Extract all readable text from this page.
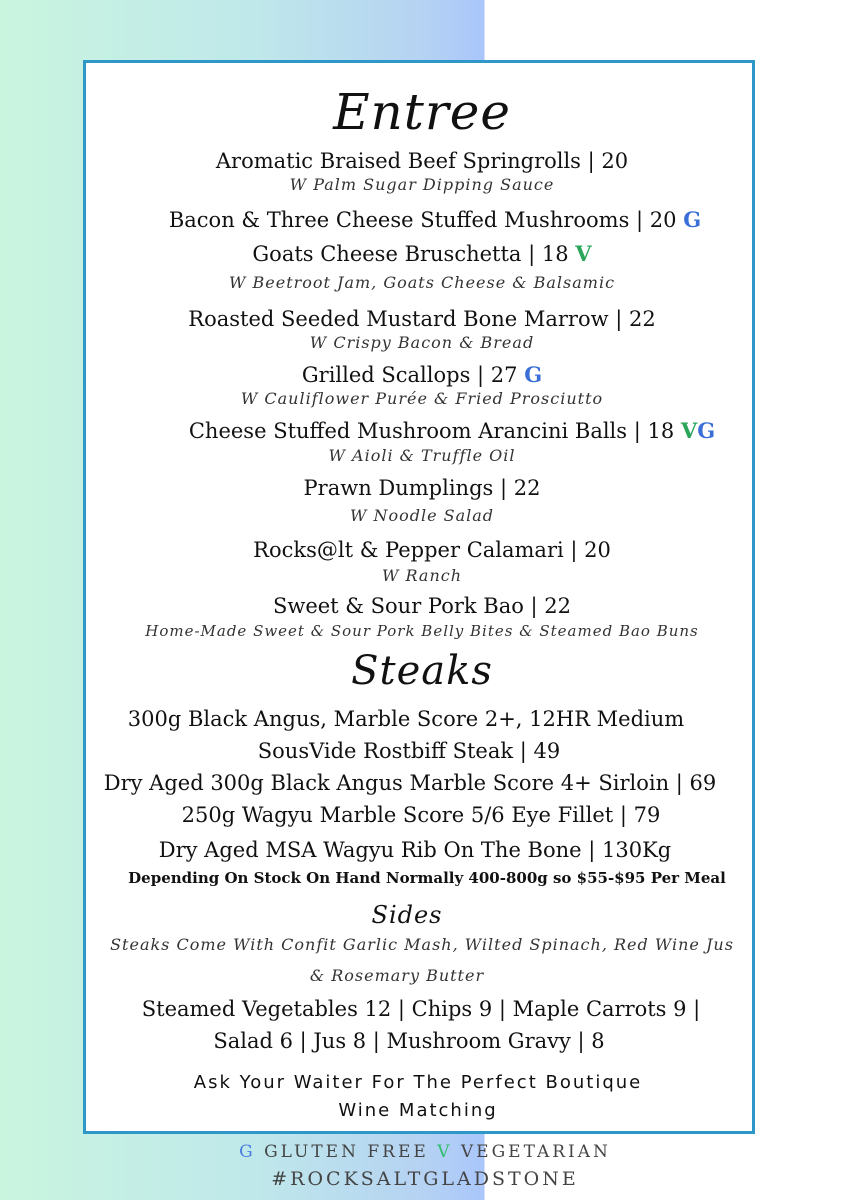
Entree
Aromatic Braised Beef Springrolls | 20
W Palm Sugar Dipping Sauce
Bacon & Three Cheese Stuffed Mushrooms | 20 G
Goats Cheese Bruschetta | 18 V
W Beetroot Jam, Goats Cheese & Balsamic
Roasted Seeded Mustard Bone Marrow | 22
W Crispy Bacon & Bread
Grilled Scallops | 27 G
W Cauliflower Purée & Fried Prosciutto
Cheese Stuffed Mushroom Arancini Balls | 18 VG
W Aioli & Truffle Oil
Prawn Dumplings | 22
W Noodle Salad
Rocks@lt & Pepper Calamari | 20
W Ranch
Sweet & Sour Pork Bao | 22
Home-Made Sweet & Sour Pork Belly Bites & Steamed Bao Buns
Steaks
300g Black Angus, Marble Score 2+, 12HR Medium
SousVide Rostbiff Steak | 49
Dry Aged 300g Black Angus Marble Score 4+ Sirloin | 69
250g Wagyu Marble Score 5/6 Eye Fillet | 79
Dry Aged MSA Wagyu Rib On The Bone | 130Kg
Depending On Stock On Hand Normally 400-800g so $55-$95 Per Meal
Sides
Steaks Come With Confit Garlic Mash, Wilted Spinach, Red Wine Jus
& Rosemary Butter
Steamed Vegetables 12 | Chips 9 | Maple Carrots 9 |
Salad 6 | Jus 8 | Mushroom Gravy | 8
Ask Your Waiter For The Perfect Boutique
Wine Matching
G GLUTEN FREE V VEGETARIAN
#ROCKSALTGLADSTONE
